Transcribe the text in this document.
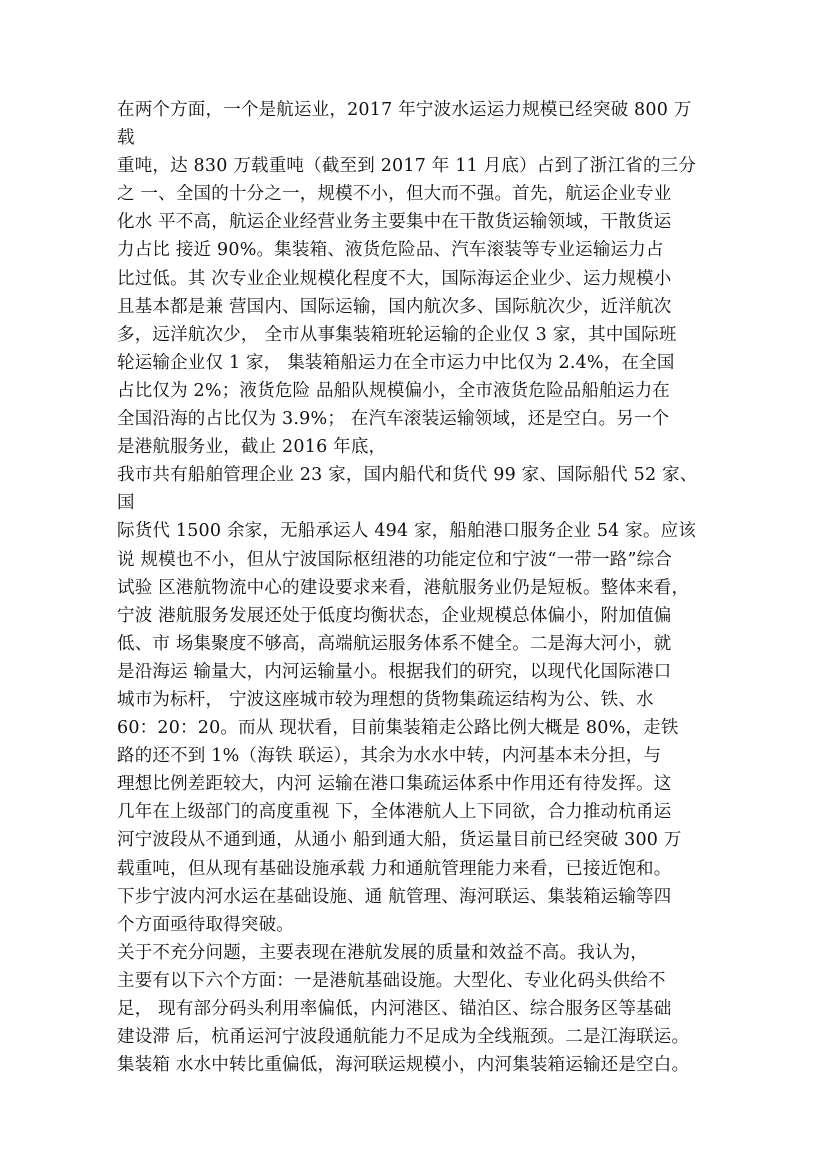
在两个方面，一个是航运业，2017 年宁波水运运力规模已经突破 800 万
载
重吨，达 830 万载重吨（截至到 2017 年 11 月底）占到了浙江省的三分
之 一、全国的十分之一，规模不小，但大而不强。首先，航运企业专业
化水 平不高，航运企业经营业务主要集中在干散货运输领域，干散货运
力占比 接近 90%。集装箱、液货危险品、汽车滚装等专业运输运力占
比过低。其 次专业企业规模化程度不大，国际海运企业少、运力规模小
且基本都是兼 营国内、国际运输，国内航次多、国际航次少，近洋航次
多，远洋航次少， 全市从事集装箱班轮运输的企业仅 3 家，其中国际班
轮运输企业仅 1 家， 集装箱船运力在全市运力中比仅为 2.4%，在全国
占比仅为 2%；液货危险 品船队规模偏小，全市液货危险品船舶运力在
全国沿海的占比仅为 3.9%； 在汽车滚装运输领域，还是空白。另一个
是港航服务业，截止 2016 年底，
我市共有船舶管理企业 23 家，国内船代和货代 99 家、国际船代 52 家、
国
际货代 1500 余家，无船承运人 494 家，船舶港口服务企业 54 家。应该
说 规模也不小，但从宁波国际枢纽港的功能定位和宁波“一带一路”综合
试验 区港航物流中心的建设要求来看，港航服务业仍是短板。整体来看，
宁波 港航服务发展还处于低度均衡状态，企业规模总体偏小，附加值偏
低、市 场集聚度不够高，高端航运服务体系不健全。二是海大河小，就
是沿海运 输量大，内河运输量小。根据我们的研究，以现代化国际港口
城市为标杆， 宁波这座城市较为理想的货物集疏运结构为公、铁、水
60：20：20。而从 现状看，目前集装箱走公路比例大概是 80%，走铁
路的还不到 1%（海铁 联运），其余为水水中转，内河基本未分担，与
理想比例差距较大，内河 运输在港口集疏运体系中作用还有待发挥。这
几年在上级部门的高度重视 下，全体港航人上下同欲，合力推动杭甬运
河宁波段从不通到通，从通小 船到通大船，货运量目前已经突破 300 万
载重吨，但从现有基础设施承载 力和通航管理能力来看，已接近饱和。
下步宁波内河水运在基础设施、通 航管理、海河联运、集装箱运输等四
个方面亟待取得突破。
关于不充分问题，主要表现在港航发展的质量和效益不高。我认为，
主要有以下六个方面：一是港航基础设施。大型化、专业化码头供给不
足， 现有部分码头利用率偏低，内河港区、锚泊区、综合服务区等基础
建设滞 后，杭甬运河宁波段通航能力不足成为全线瓶颈。二是江海联运。
集装箱 水水中转比重偏低，海河联运规模小，内河集装箱运输还是空白。
